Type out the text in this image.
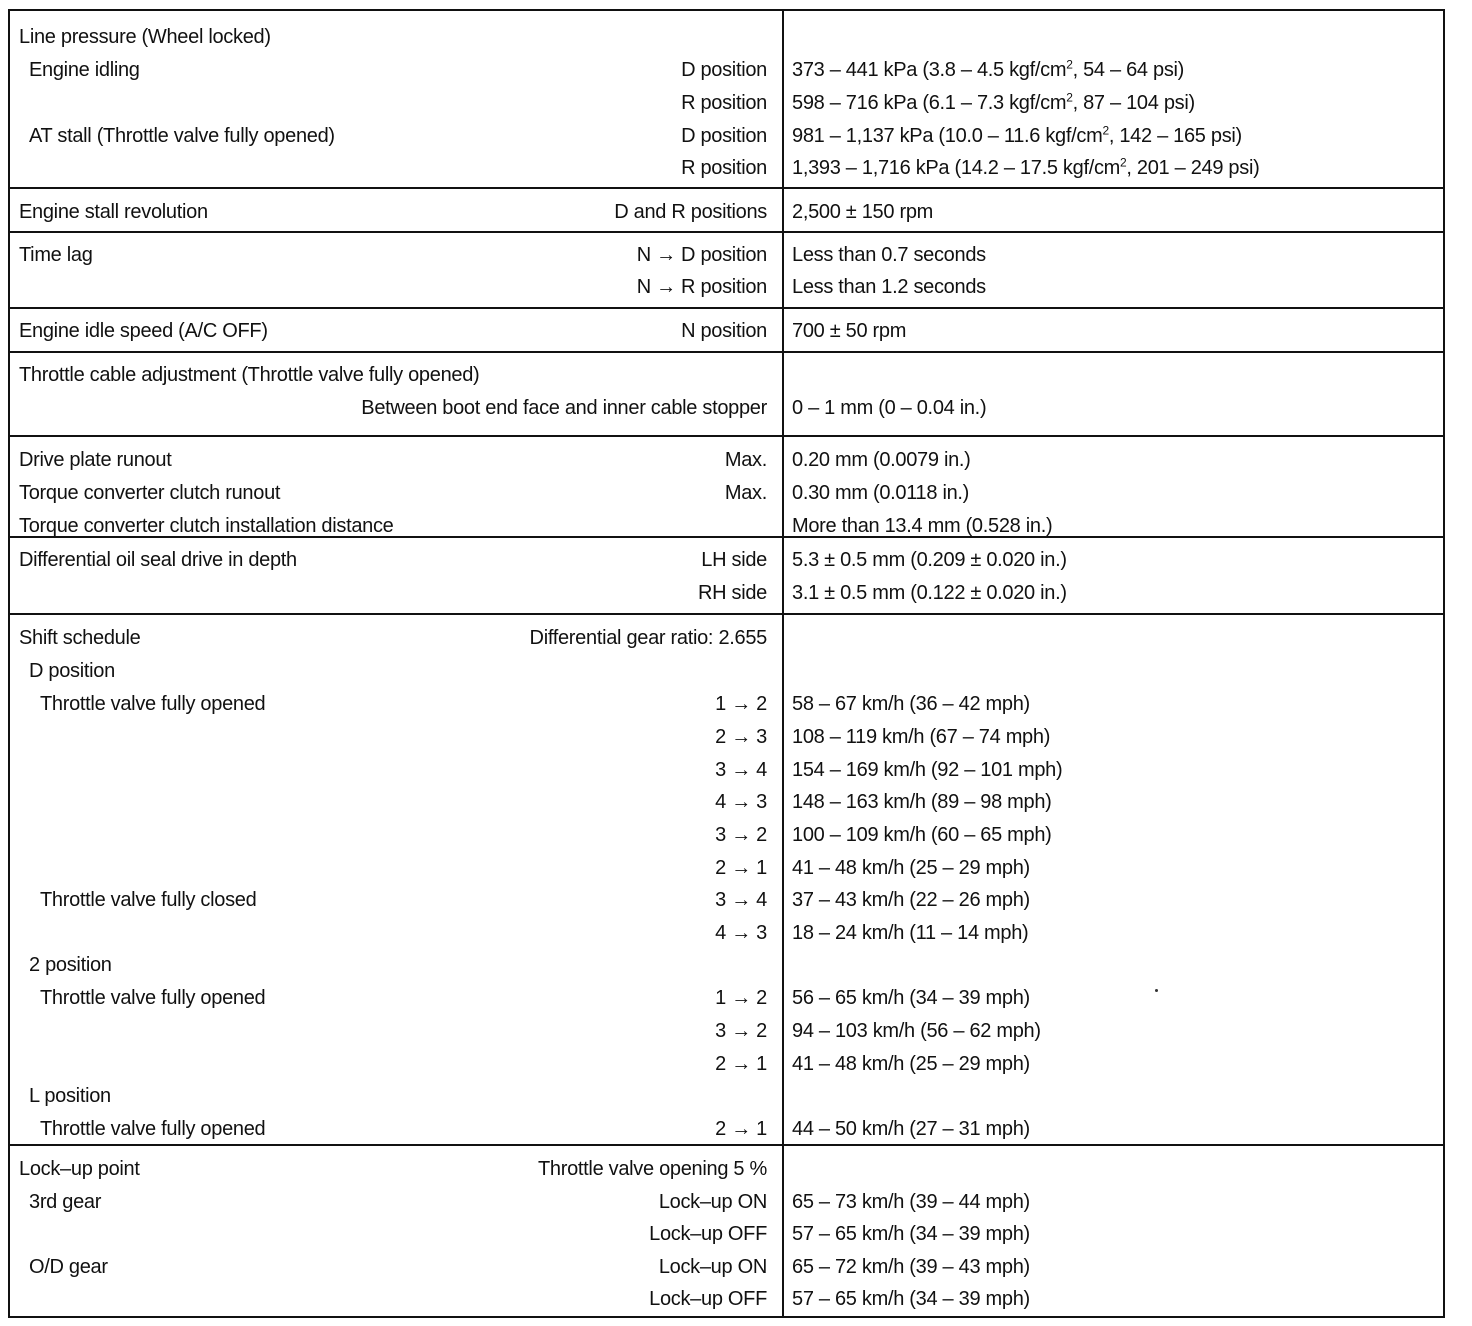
Line pressure (Wheel locked)
Engine idling	D position 373 – 441 kPa (3.8 – 4.5 kgf/$cm^2$, 54 – 64 psi)
R position 598 – 716 kPa (6.1 – 7.3 kgf/$cm^2$, 87 – 104 psi)
AT stall (Throttle valve fully opened)	D position 981 – 1,137 kPa (10.0 – 11.6 kgf/$cm^2$, 142 – 165 psi)
R position 1,393 – 1,716 kPa (14.2 – 17.5 kgf/$cm^2$, 201 – 249 psi)
Engine stall revolution	D and R positions 2,500 ± 150 rpm
Time lag	N → D position Less than 0.7 seconds
N → R position Less than 1.2 seconds
Engine idle speed (A/C OFF)	N position 700 ± 50 rpm
Throttle cable adjustment (Throttle valve fully opened)
Between boot end face and inner cable stopper 0 – 1 mm (0 – 0.04 in.)
Drive plate runout	Max. 0.20 mm (0.0079 in.)
Torque converter clutch runout	Max. 0.30 mm (0.0118 in.)
Torque converter clutch installation distance	More than 13.4 mm (0.528 in.)
Differential oil seal drive in depth	LH side 5.3 ± 0.5 mm (0.209 ± 0.020 in.)
RH side 3.1 ± 0.5 mm (0.122 ± 0.020 in.)
Shift schedule	Differential gear ratio: 2.655
D position
Throttle valve fully opened	1 → 2 58 – 67 km/h (36 – 42 mph)
2 → 3 108 – 119 km/h (67 – 74 mph)
3 → 4 154 – 169 km/h (92 – 101 mph)
4 → 3 148 – 163 km/h (89 – 98 mph)
3 → 2 100 – 109 km/h (60 – 65 mph)
2 → 1 41 – 48 km/h (25 – 29 mph)
Throttle valve fully closed	3 → 4 37 – 43 km/h (22 – 26 mph)
4 → 3 18 – 24 km/h (11 – 14 mph)
2 position
Throttle valve fully opened	1 → 2 56 – 65 km/h (34 – 39 mph)
3 → 2 94 – 103 km/h (56 – 62 mph)
2 → 1 41 – 48 km/h (25 – 29 mph)
L position
Throttle valve fully opened	2 → 1 44 – 50 km/h (27 – 31 mph)
Lock–up point	Throttle valve opening 5 %
3rd gear	Lock–up ON 65 – 73 km/h (39 – 44 mph)
Lock–up OFF 57 – 65 km/h (34 – 39 mph)
O/D gear	Lock–up ON 65 – 72 km/h (39 – 43 mph)
Lock–up OFF 57 – 65 km/h (34 – 39 mph)
